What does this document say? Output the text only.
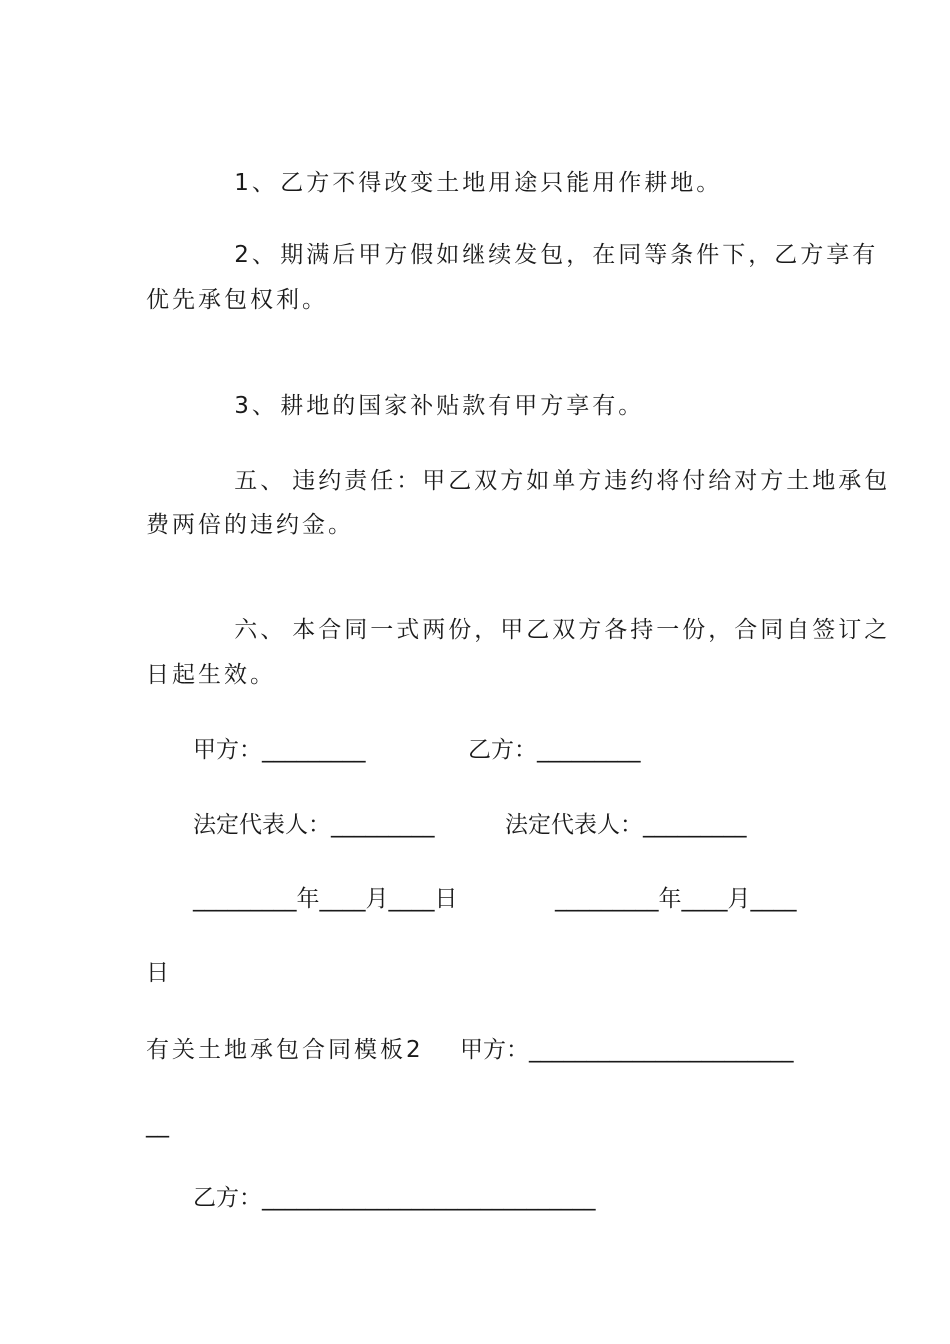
1、 乙方不得改变土地用途只能用作耕地。

2、 期满后甲方假如继续发包，在同等条件下，乙方享有

优先承包权利。

3、 耕地的国家补贴款有甲方享有。

五、 违约责任：甲乙双方如单方违约将付给对方土地承包

费两倍的违约金。

六、 本合同一式两份，甲乙双方各持一份，合同自签订之

日起生效。
甲方：_________	乙方：_________
法定代表人：_________	法定代表人：_________
_________年____月____日	_________年____月____
日
有关土地承包合同模板2 甲方：_______________________
__
乙方：_____________________________
